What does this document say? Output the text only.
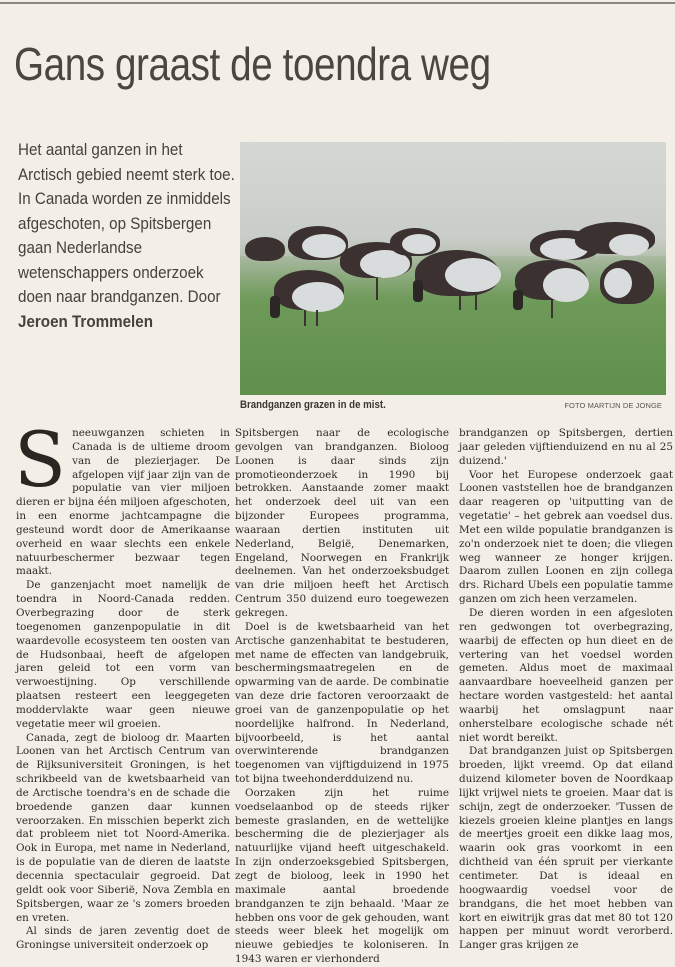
Gans graast de toendra weg
Het aantal ganzen in het Arctisch gebied neemt sterk toe. In Canada worden ze inmiddels afgeschoten, op Spitsbergen gaan Nederlandse wetenschappers onderzoek doen naar brandganzen. Door Jeroen Trommelen
Brandganzen grazen in de mist.	FOTO MARTIJN DE JONGE

Sneeuwganzen schieten in Canada is de ultieme droom van de plezierjager. De afgelopen vijf jaar zijn van de populatie van vier miljoen dieren er bijna één miljoen afgeschoten, in een enorme jachtcampagne die gesteund wordt door de Amerikaanse overheid en waar slechts een enkele natuurbeschermer bezwaar tegen maakt.

De ganzenjacht moet namelijk de toendra in Noord-Canada redden. Overbegrazing door de sterk toegenomen ganzenpopulatie in dit waardevolle ecosysteem ten oosten van de Hudsonbaai, heeft de afgelopen jaren geleid tot een vorm van verwoestijning. Op verschillende plaatsen resteert een leeggegeten moddervlakte waar geen nieuwe vegetatie meer wil groeien.

Canada, zegt de bioloog dr. Maarten Loonen van het Arctisch Centrum van de Rijksuniversiteit Groningen, is het schrikbeeld van de kwetsbaarheid van de Arctische toendra's en de schade die broedende ganzen daar kunnen veroorzaken. En misschien beperkt zich dat probleem niet tot Noord-Amerika. Ook in Europa, met name in Nederland, is de populatie van de dieren de laatste decennia spectaculair gegroeid. Dat geldt ook voor Siberië, Nova Zembla en Spitsbergen, waar ze 's zomers broeden en vreten.

Al sinds de jaren zeventig doet de Groningse universiteit onderzoek op

Spitsbergen naar de ecologische gevolgen van brandganzen. Bioloog Loonen is daar sinds zijn promotieonderzoek in 1990 bij betrokken. Aanstaande zomer maakt het onderzoek deel uit van een bijzonder Europees programma, waaraan dertien instituten uit Nederland, België, Denemarken, Engeland, Noorwegen en Frankrijk deelnemen. Van het onderzoeksbudget van drie miljoen heeft het Arctisch Centrum 350 duizend euro toegewezen gekregen.

Doel is de kwetsbaarheid van het Arctische ganzenhabitat te bestuderen, met name de effecten van landgebruik, beschermingsmaatregelen en de opwarming van de aarde. De combinatie van deze drie factoren veroorzaakt de groei van de ganzenpopulatie op het noordelijke halfrond. In Nederland, bijvoorbeeld, is het aantal overwinterende brandganzen toegenomen van vijftigduizend in 1975 tot bijna tweehonderdduizend nu.

Oorzaken zijn het ruime voedselaanbod op de steeds rijker bemeste graslanden, en de wettelijke bescherming die de plezierjager als natuurlijke vijand heeft uitgeschakeld. In zijn onderzoeksgebied Spitsbergen, zegt de bioloog, leek in 1990 het maximale aantal broedende brandganzen te zijn behaald. 'Maar ze hebben ons voor de gek gehouden, want steeds weer bleek het mogelijk om nieuwe gebiedjes te koloniseren. In 1943 waren er vierhonderd

brandganzen op Spitsbergen, dertien jaar geleden vijftienduizend en nu al 25 duizend.'

Voor het Europese onderzoek gaat Loonen vaststellen hoe de brandganzen daar reageren op 'uitputting van de vegetatie' – het gebrek aan voedsel dus. Met een wilde populatie brandganzen is zo'n onderzoek niet te doen; die vliegen weg wanneer ze honger krijgen. Daarom zullen Loonen en zijn collega drs. Richard Ubels een populatie tamme ganzen om zich heen verzamelen.

De dieren worden in een afgesloten ren gedwongen tot overbegrazing, waarbij de effecten op hun dieet en de vertering van het voedsel worden gemeten. Aldus moet de maximaal aanvaardbare hoeveelheid ganzen per hectare worden vastgesteld: het aantal waarbij het omslagpunt naar onherstelbare ecologische schade nét niet wordt bereikt.

Dat brandganzen juist op Spitsbergen broeden, lijkt vreemd. Op dat eiland duizend kilometer boven de Noordkaap lijkt vrijwel niets te groeien. Maar dat is schijn, zegt de onderzoeker. 'Tussen de kiezels groeien kleine plantjes en langs de meertjes groeit een dikke laag mos, waarin ook gras voorkomt in een dichtheid van één spruit per vierkante centimeter. Dat is ideaal en hoogwaardig voedsel voor de brandgans, die het moet hebben van kort en eiwitrijk gras dat met 80 tot 120 happen per minuut wordt verorberd. Langer gras krijgen ze
